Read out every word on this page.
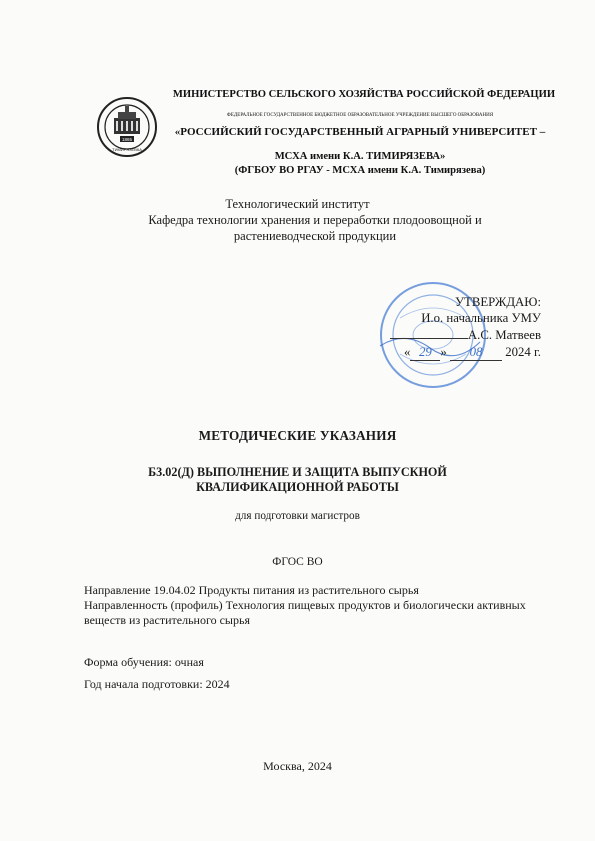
1865
ТИМИРЯЗЕВКА
МИНИСТЕРСТВО СЕЛЬСКОГО ХОЗЯЙСТВА РОССИЙСКОЙ ФЕДЕРАЦИИ
ФЕДЕРАЛЬНОЕ ГОСУДАРСТВЕННОЕ БЮДЖЕТНОЕ ОБРАЗОВАТЕЛЬНОЕ УЧРЕЖДЕНИЕ ВЫСШЕГО ОБРАЗОВАНИЯ
«РОССИЙСКИЙ ГОСУДАРСТВЕННЫЙ АГРАРНЫЙ УНИВЕРСИТЕТ –
МСХА имени К.А. ТИМИРЯЗЕВА»
(ФГБОУ ВО РГАУ - МСХА имени К.А. Тимирязева)
Технологический институт
Кафедра технологии хранения и переработки плодоовощной и растениеводческой продукции
УТВЕРЖДАЮ:
И.о. начальника УМУ
А.С. Матвеев
« 29 » 08 2024 г.
МЕТОДИЧЕСКИЕ УКАЗАНИЯ
Б3.02(Д) ВЫПОЛНЕНИЕ И ЗАЩИТА ВЫПУСКНОЙ КВАЛИФИКАЦИОННОЙ РАБОТЫ
для подготовки магистров
ФГОС ВО
Направление 19.04.02 Продукты питания из растительного сырья
Направленность (профиль) Технология пищевых продуктов и биологически активных веществ из растительного сырья
Форма обучения: очная
Год начала подготовки: 2024
Москва, 2024
